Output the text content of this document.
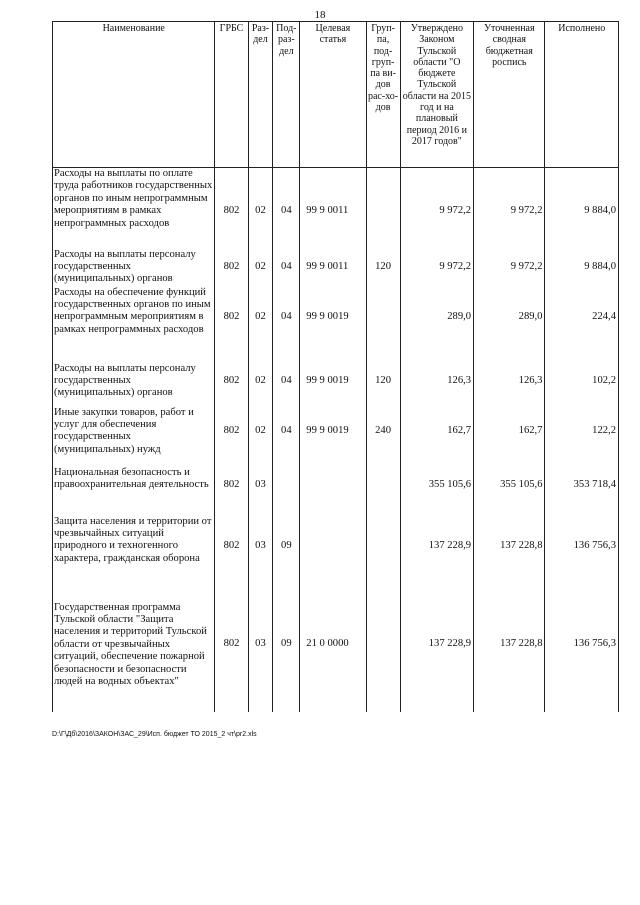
18
Наименование	ГРБС	Раз-дел	Под-раз-дел	Целевая статья	Груп-па, под-груп-па ви-дов рас-хо-дов	Утверждено Законом Тульской области "О бюджете Тульской области на 2015 год и на плановый период 2016 и 2017 годов"	Уточненная сводная бюджетная роспись	Исполнено
Расходы на выплаты по оплате труда работников государственных органов по иным непрограммным мероприятиям в рамках непрограммных расходов	802	02	04	99 9 0011		9 972,2	9 972,2	9 884,0
Расходы на выплаты персоналу государственных (муниципальных) органов	802	02	04	99 9 0011	120	9 972,2	9 972,2	9 884,0
Расходы на обеспечение функций государственных органов по иным непрограммным мероприятиям в рамках непрограммных расходов	802	02	04	99 9 0019		289,0	289,0	224,4
Расходы на выплаты персоналу государственных (муниципальных) органов	802	02	04	99 9 0019	120	126,3	126,3	102,2
Иные закупки товаров, работ и услуг для обеспечения государственных (муниципальных) нужд	802	02	04	99 9 0019	240	162,7	162,7	122,2
Национальная безопасность и правоохранительная деятельность	802	03				355 105,6	355 105,6	353 718,4
Защита населения и территории от чрезвычайных ситуаций природного и техногенного характера, гражданская оборона	802	03	09			137 228,9	137 228,8	136 756,3
Государственная программа Тульской области "Защита населения и территорий Тульской области от чрезвычайных ситуаций, обеспечение пожарной безопасности и безопасности людей на водных объектах"	802	03	09	21 0 0000		137 228,9	137 228,8	136 756,3
D:\Г\Дб\2016\ЗАКОН\ЗАС_29\Исп. бюджет ТО 2015_2 чт\pr2.xls
